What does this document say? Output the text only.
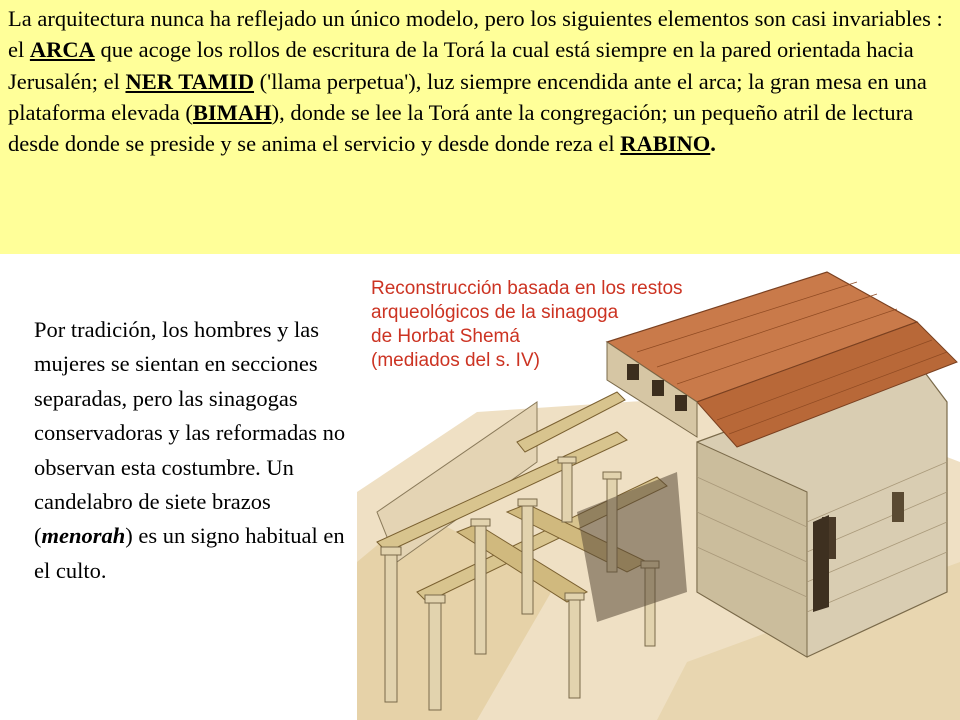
La arquitectura nunca ha reflejado un único modelo, pero los siguientes elementos son casi invariables : el ARCA que acoge los rollos de escritura de la Torá la cual está siempre en la pared orientada hacia Jerusalén; el NER TAMID ('llama perpetua'), luz siempre encendida ante el arca; la gran mesa en una plataforma elevada (BIMAH), donde se lee la Torá ante la congregación; un pequeño atril de lectura desde donde se preside y se anima el servicio y desde donde reza el RABINO.
Por tradición, los hombres y las mujeres se sientan en secciones separadas, pero las sinagogas conservadoras y las reformadas no observan esta costumbre. Un candelabro de siete brazos (menorah) es un signo habitual en el culto.
Reconstrucción basada en los restos
arqueológicos de la sinagoga
de Horbat Shemá
(mediados del s. IV)
